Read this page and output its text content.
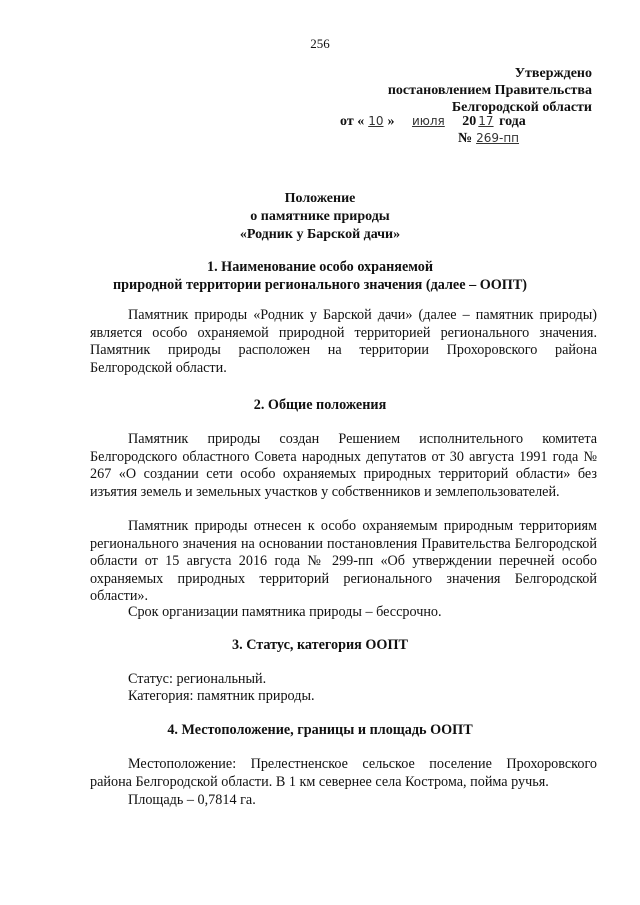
256
Утверждено
постановлением Правительства
Белгородской области
от « 10 » июля 20 17 года
№ 269-пп
Положение
о памятнике природы
«Родник у Барской дачи»
1. Наименование особо охраняемой
природной территории регионального значения (далее – ООПТ)
Памятник природы «Родник у Барской дачи» (далее – памятник природы) является особо охраняемой природной территорией регионального значения. Памятник природы расположен на территории Прохоровского района Белгородской области.
2. Общие положения
Памятник природы создан Решением исполнительного комитета Белгородского областного Совета народных депутатов от 30 августа 1991 года № 267 «О создании сети особо охраняемых природных территорий области» без изъятия земель и земельных участков у собственников и землепользователей.
Памятник природы отнесен к особо охраняемым природным территориям регионального значения на основании постановления Правительства Белгородской области от 15 августа 2016 года № 299-пп «Об утверждении перечней особо охраняемых природных территорий регионального значения Белгородской области».
Срок организации памятника природы – бессрочно.
3. Статус, категория ООПТ
Статус: региональный.
Категория: памятник природы.
4. Местоположение, границы и площадь ООПТ
Местоположение: Прелестненское сельское поселение Прохоровского района Белгородской области. В 1 км севернее села Кострома, пойма ручья.
Площадь – 0,7814 га.
